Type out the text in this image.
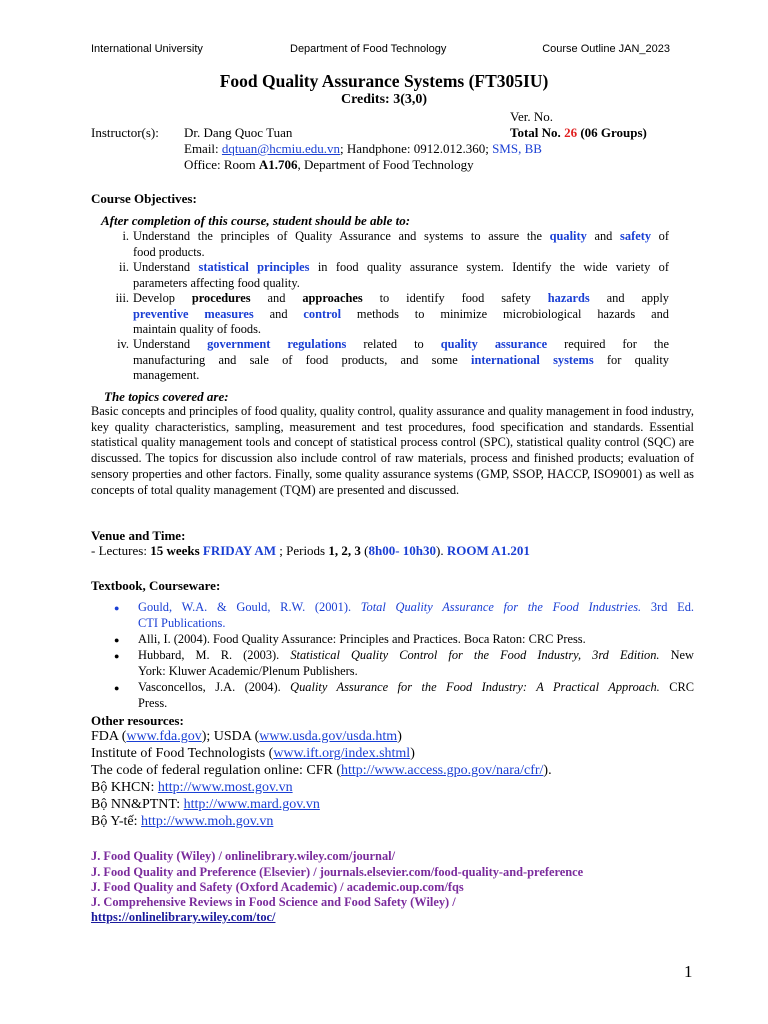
International University	Department of Food Technology	Course Outline JAN_2023
Food Quality Assurance Systems (FT305IU)
Credits: 3(3,0)
Ver. No.
Instructor(s): Dr. Dang Quoc Tuan	Total No. 26 (06 Groups)
Email: dqtuan@hcmiu.edu.vn; Handphone: 0912.012.360; SMS, BB
Office: Room A1.706, Department of Food Technology
Course Objectives:
After completion of this course, student should be able to:
i. Understand the principles of Quality Assurance and systems to assure the quality and safety of
food products.
ii. Understand statistical principles in food quality assurance system. Identify the wide variety of
parameters affecting food quality.
iii. Develop procedures and approaches to identify food safety hazards and apply
preventive measures and control methods to minimize microbiological hazards and
maintain quality of foods.
iv. Understand government regulations related to quality assurance required for the
manufacturing and sale of food products, and some international systems for quality
management.
The topics covered are:
Basic concepts and principles of food quality, quality control, quality assurance and quality management in food industry, key quality characteristics, sampling, measurement and test procedures, food specification and standards. Essential statistical quality management tools and concept of statistical process control (SPC), statistical quality control (SQC) are discussed. The topics for discussion also include control of raw materials, process and finished products; evaluation of sensory properties and other factors. Finally, some quality assurance systems (GMP, SSOP, HACCP, ISO9001) as well as concepts of total quality management (TQM) are presented and discussed.
Venue and Time:
- Lectures: 15 weeks FRIDAY AM ; Periods 1, 2, 3 (8h00- 10h30). ROOM A1.201
Textbook, Courseware:
● Gould, W.A. & Gould, R.W. (2001). Total Quality Assurance for the Food Industries. 3rd Ed.
CTI Publications.
● Alli, I. (2004). Food Quality Assurance: Principles and Practices. Boca Raton: CRC Press.
● Hubbard, M. R. (2003). Statistical Quality Control for the Food Industry, 3rd Edition. New
York: Kluwer Academic/Plenum Publishers.
● Vasconcellos, J.A. (2004). Quality Assurance for the Food Industry: A Practical Approach. CRC
Press.
Other resources:
FDA (www.fda.gov); USDA (www.usda.gov/usda.htm)
Institute of Food Technologists (www.ift.org/index.shtml)
The code of federal regulation online: CFR (http://www.access.gpo.gov/nara/cfr/).
Bộ KHCN: http://www.most.gov.vn
Bộ NN&PTNT: http://www.mard.gov.vn
Bộ Y-tế: http://www.moh.gov.vn
J. Food Quality (Wiley) / onlinelibrary.wiley.com/journal/
J. Food Quality and Preference (Elsevier) / journals.elsevier.com/food-quality-and-preference
J. Food Quality and Safety (Oxford Academic) / academic.oup.com/fqs
J. Comprehensive Reviews in Food Science and Food Safety (Wiley) /
https://onlinelibrary.wiley.com/toc/
1
